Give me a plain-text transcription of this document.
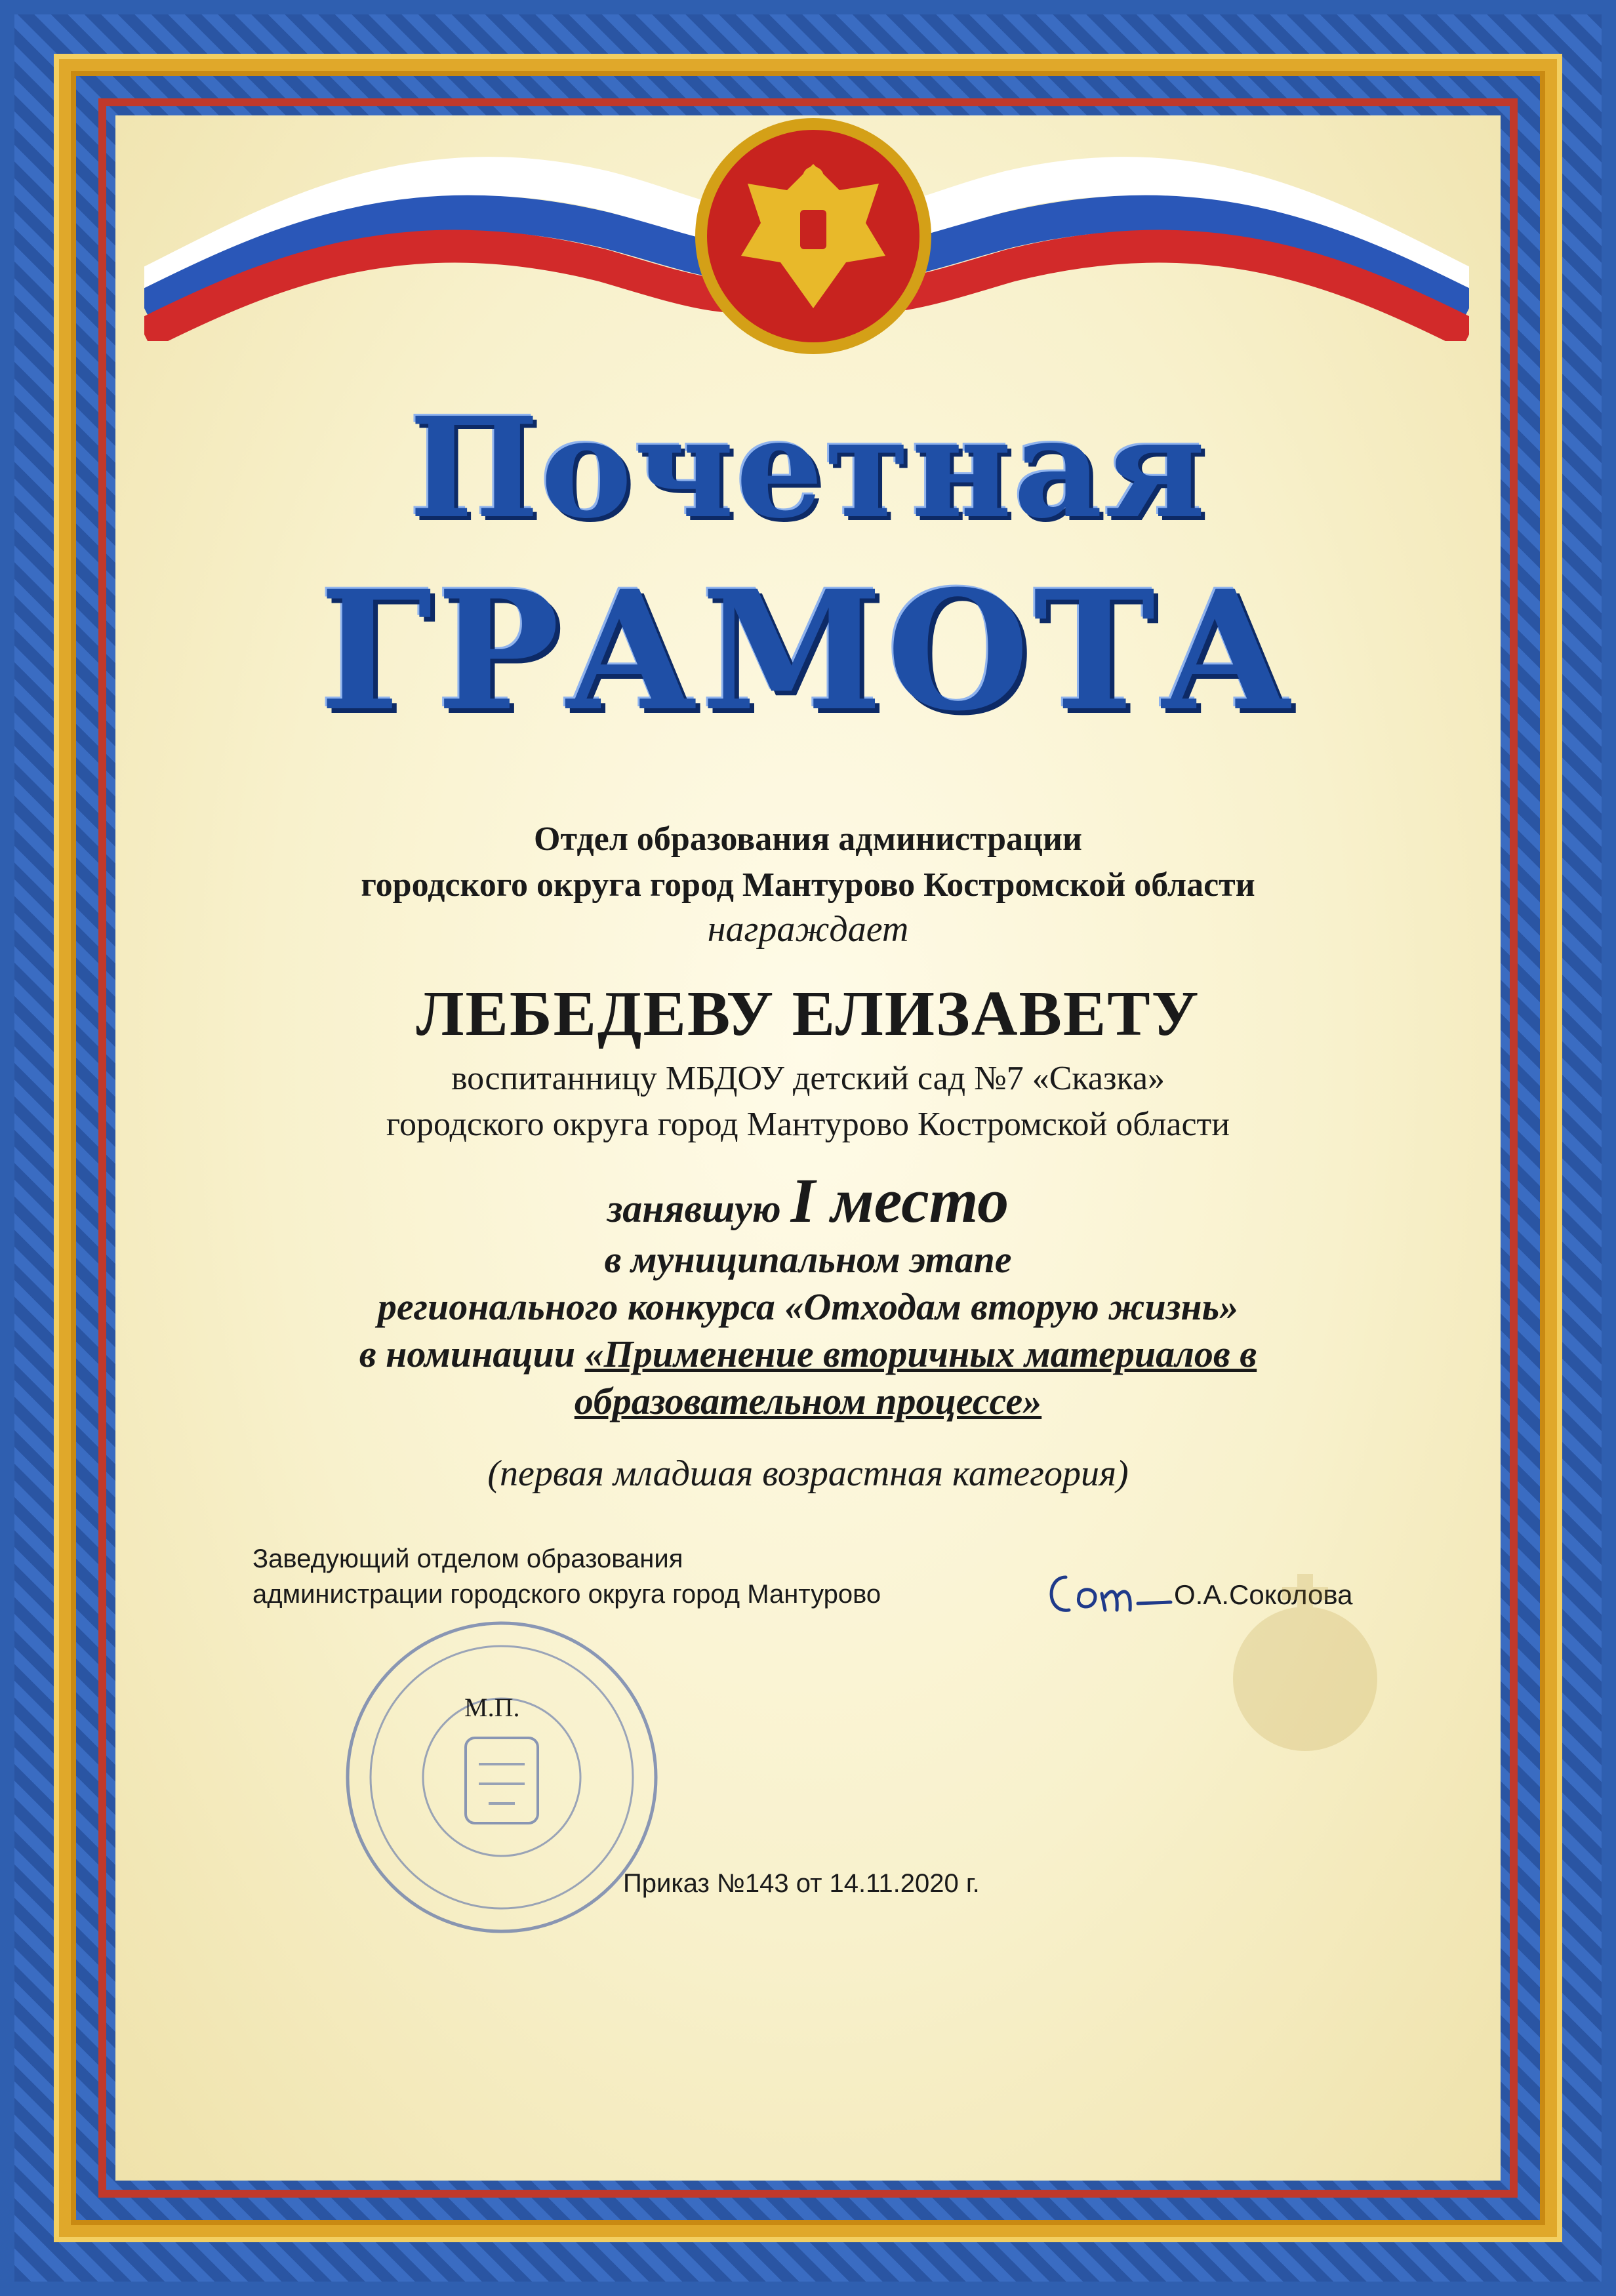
Почетная
ГРАМОТА
Отдел образования администрации
городского округа город Мантурово Костромской области
награждает
ЛЕБЕДЕВУ ЕЛИЗАВЕТУ
воспитанницу МБДОУ детский сад №7 «Сказка»
городского округа город Мантурово Костромской области
занявшую I место
в муниципальном этапе
регионального конкурса «Отходам вторую жизнь»
в номинации «Применение вторичных материалов в
образовательном процессе»
(первая младшая возрастная категория)
Заведующий отделом образования
администрации городского округа город Мантурово	О.А.Соколова
М.П.
Приказ №143 от 14.11.2020 г.
